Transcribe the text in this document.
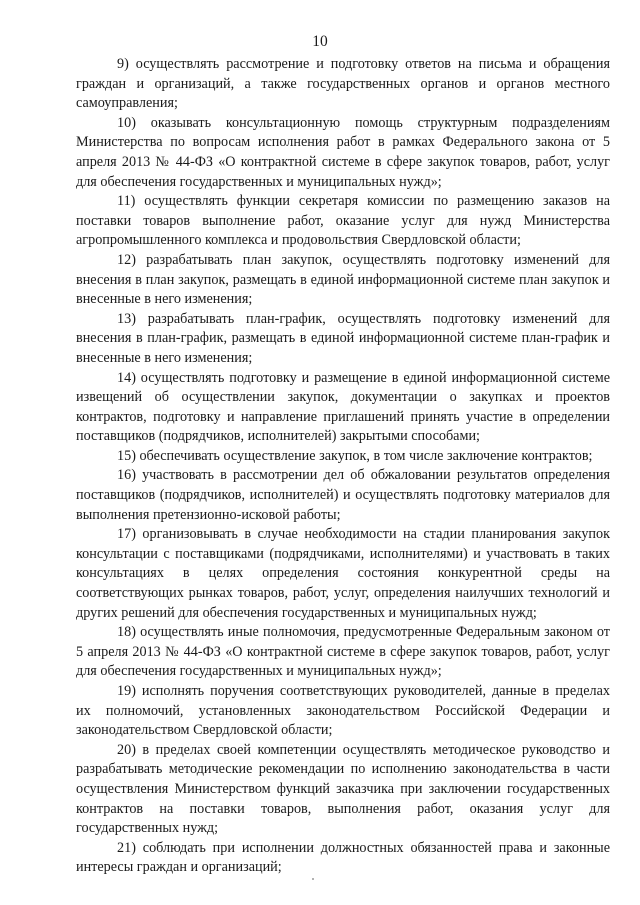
10

9) осуществлять рассмотрение и подготовку ответов на письма и обращения граждан и организаций, а также государственных органов и органов местного самоуправления;

10) оказывать консультационную помощь структурным подразделениям Министерства по вопросам исполнения работ в рамках Федерального закона от 5 апреля 2013 № 44-ФЗ «О контрактной системе в сфере закупок товаров, работ, услуг для обеспечения государственных и муниципальных нужд»;

11) осуществлять функции секретаря комиссии по размещению заказов на поставки товаров выполнение работ, оказание услуг для нужд Министерства агропромышленного комплекса и продовольствия Свердловской области;

12) разрабатывать план закупок, осуществлять подготовку изменений для внесения в план закупок, размещать в единой информационной системе план закупок и внесенные в него изменения;

13) разрабатывать план-график, осуществлять подготовку изменений для внесения в план-график, размещать в единой информационной системе план-график и внесенные в него изменения;

14) осуществлять подготовку и размещение в единой информационной системе извещений об осуществлении закупок, документации о закупках и проектов контрактов, подготовку и направление приглашений принять участие в определении поставщиков (подрядчиков, исполнителей) закрытыми способами;

15) обеспечивать осуществление закупок, в том числе заключение контрактов;

16) участвовать в рассмотрении дел об обжаловании результатов определения поставщиков (подрядчиков, исполнителей) и осуществлять подготовку материалов для выполнения претензионно-исковой работы;

17) организовывать в случае необходимости на стадии планирования закупок консультации с поставщиками (подрядчиками, исполнителями) и участвовать в таких консультациях в целях определения состояния конкурентной среды на соответствующих рынках товаров, работ, услуг, определения наилучших технологий и других решений для обеспечения государственных и муниципальных нужд;

18) осуществлять иные полномочия, предусмотренные Федеральным законом от 5 апреля 2013 № 44-ФЗ «О контрактной системе в сфере закупок товаров, работ, услуг для обеспечения государственных и муниципальных нужд»;

19) исполнять поручения соответствующих руководителей, данные в пределах их полномочий, установленных законодательством Российской Федерации и законодательством Свердловской области;

20) в пределах своей компетенции осуществлять методическое руководство и разрабатывать методические рекомендации по исполнению законодательства в части осуществления Министерством функций заказчика при заключении государственных контрактов на поставки товаров, выполнения работ, оказания услуг для государственных нужд;

21) соблюдать при исполнении должностных обязанностей права и законные интересы граждан и организаций;
